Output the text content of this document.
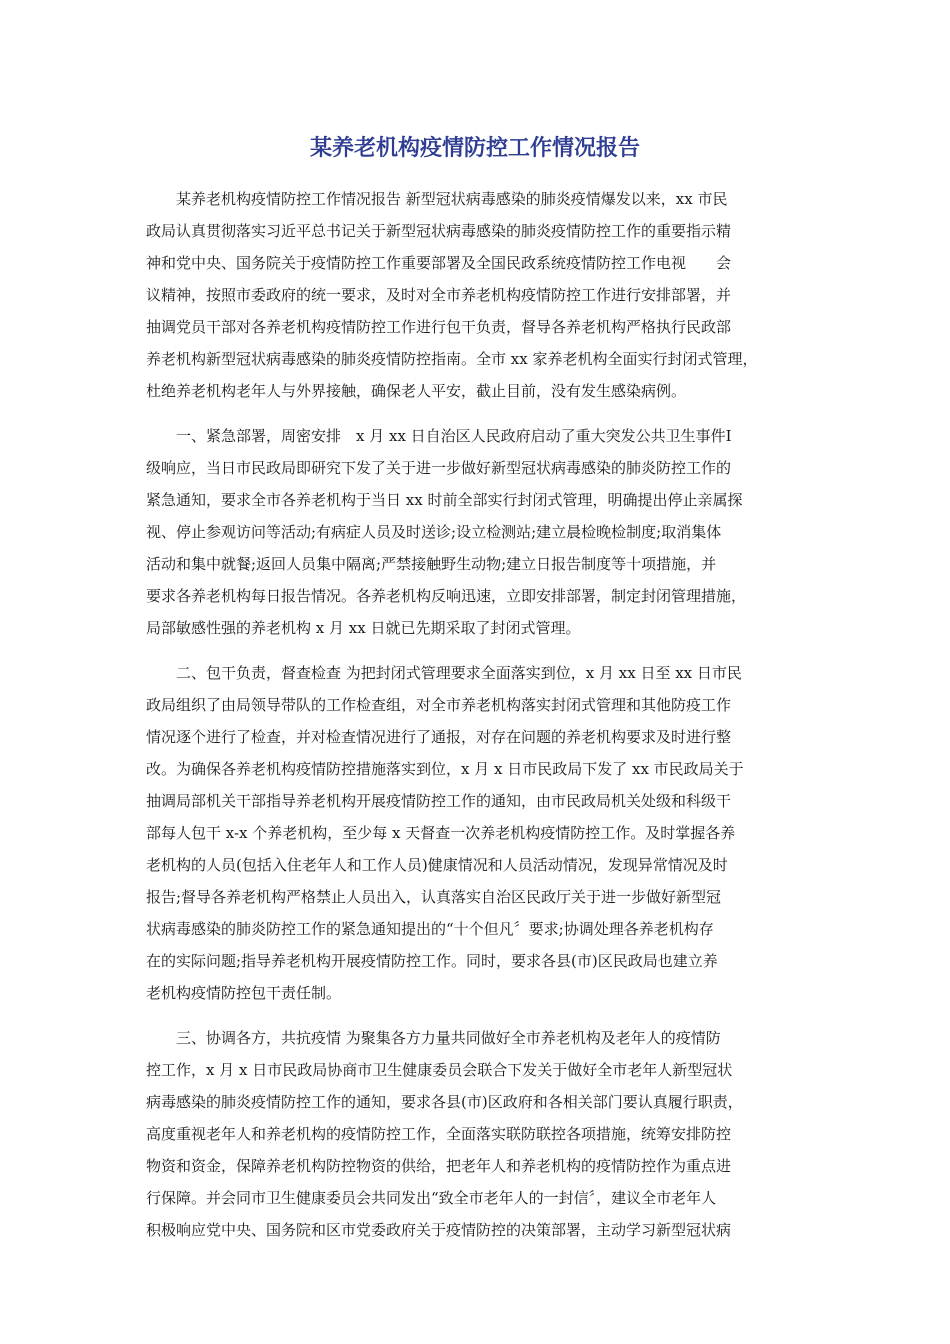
某养老机构疫情防控工作情况报告

某养老机构疫情防控工作情况报告 新型冠状病毒感染的肺炎疫情爆发以来，xx 市民
政局认真贯彻落实习近平总书记关于新型冠状病毒感染的肺炎疫情防控工作的重要指示精
神和党中央、国务院关于疫情防控工作重要部署及全国民政系统疫情防控工作电视　　会
议精神，按照市委政府的统一要求，及时对全市养老机构疫情防控工作进行安排部署，并
抽调党员干部对各养老机构疫情防控工作进行包干负责，督导各养老机构严格执行民政部
养老机构新型冠状病毒感染的肺炎疫情防控指南。全市 xx 家养老机构全面实行封闭式管理，
杜绝养老机构老年人与外界接触，确保老人平安，截止目前，没有发生感染病例。

一、紧急部署，周密安排　x 月 xx 日自治区人民政府启动了重大突发公共卫生事件Ⅰ
级响应，当日市民政局即研究下发了关于进一步做好新型冠状病毒感染的肺炎防控工作的
紧急通知，要求全市各养老机构于当日 xx 时前全部实行封闭式管理，明确提出停止亲属探
视、停止参观访问等活动;有病症人员及时送诊;设立检测站;建立晨检晚检制度;取消集体
活动和集中就餐;返回人员集中隔离;严禁接触野生动物;建立日报告制度等十项措施，并
要求各养老机构每日报告情况。各养老机构反响迅速，立即安排部署，制定封闭管理措施，
局部敏感性强的养老机构 x 月 xx 日就已先期采取了封闭式管理。

二、包干负责，督查检查 为把封闭式管理要求全面落实到位，x 月 xx 日至 xx 日市民
政局组织了由局领导带队的工作检查组，对全市养老机构落实封闭式管理和其他防疫工作
情况逐个进行了检查，并对检查情况进行了通报，对存在问题的养老机构要求及时进行整
改。为确保各养老机构疫情防控措施落实到位，x 月 x 日市民政局下发了 xx 市民政局关于
抽调局部机关干部指导养老机构开展疫情防控工作的通知，由市民政局机关处级和科级干
部每人包干 x-x 个养老机构，至少每 x 天督查一次养老机构疫情防控工作。及时掌握各养
老机构的人员(包括入住老年人和工作人员)健康情况和人员活动情况，发现异常情况及时
报告;督导各养老机构严格禁止人员出入，认真落实自治区民政厅关于进一步做好新型冠
状病毒感染的肺炎防控工作的紧急通知提出的“十个但凡〞要求;协调处理各养老机构存
在的实际问题;指导养老机构开展疫情防控工作。同时，要求各县(市)区民政局也建立养
老机构疫情防控包干责任制。

三、协调各方，共抗疫情 为聚集各方力量共同做好全市养老机构及老年人的疫情防
控工作，x 月 x 日市民政局协商市卫生健康委员会联合下发关于做好全市老年人新型冠状
病毒感染的肺炎疫情防控工作的通知，要求各县(市)区政府和各相关部门要认真履行职责，
高度重视老年人和养老机构的疫情防控工作，全面落实联防联控各项措施，统筹安排防控
物资和资金，保障养老机构防控物资的供给，把老年人和养老机构的疫情防控作为重点进
行保障。并会同市卫生健康委员会共同发出“致全市老年人的一封信〞，建议全市老年人
积极响应党中央、国务院和区市党委政府关于疫情防控的决策部署，主动学习新型冠状病
